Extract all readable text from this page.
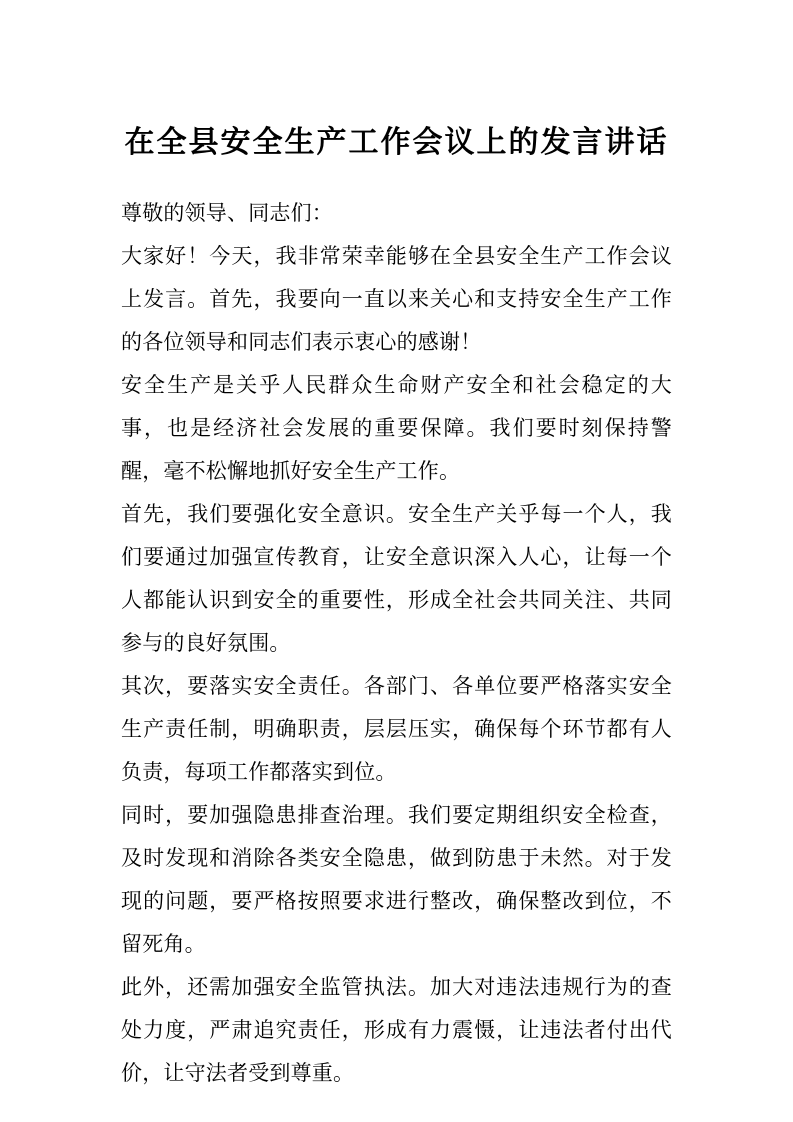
在全县安全生产工作会议上的发言讲话

尊敬的领导、同志们：

大家好！今天，我非常荣幸能够在全县安全生产工作会议上发言。首先，我要向一直以来关心和支持安全生产工作的各位领导和同志们表示衷心的感谢！

安全生产是关乎人民群众生命财产安全和社会稳定的大事，也是经济社会发展的重要保障。我们要时刻保持警醒，毫不松懈地抓好安全生产工作。

首先，我们要强化安全意识。安全生产关乎每一个人，我们要通过加强宣传教育，让安全意识深入人心，让每一个人都能认识到安全的重要性，形成全社会共同关注、共同参与的良好氛围。

其次，要落实安全责任。各部门、各单位要严格落实安全生产责任制，明确职责，层层压实，确保每个环节都有人负责，每项工作都落实到位。

同时，要加强隐患排查治理。我们要定期组织安全检查，及时发现和消除各类安全隐患，做到防患于未然。对于发现的问题，要严格按照要求进行整改，确保整改到位，不留死角。

此外，还需加强安全监管执法。加大对违法违规行为的查处力度，严肃追究责任，形成有力震慑，让违法者付出代价，让守法者受到尊重。
